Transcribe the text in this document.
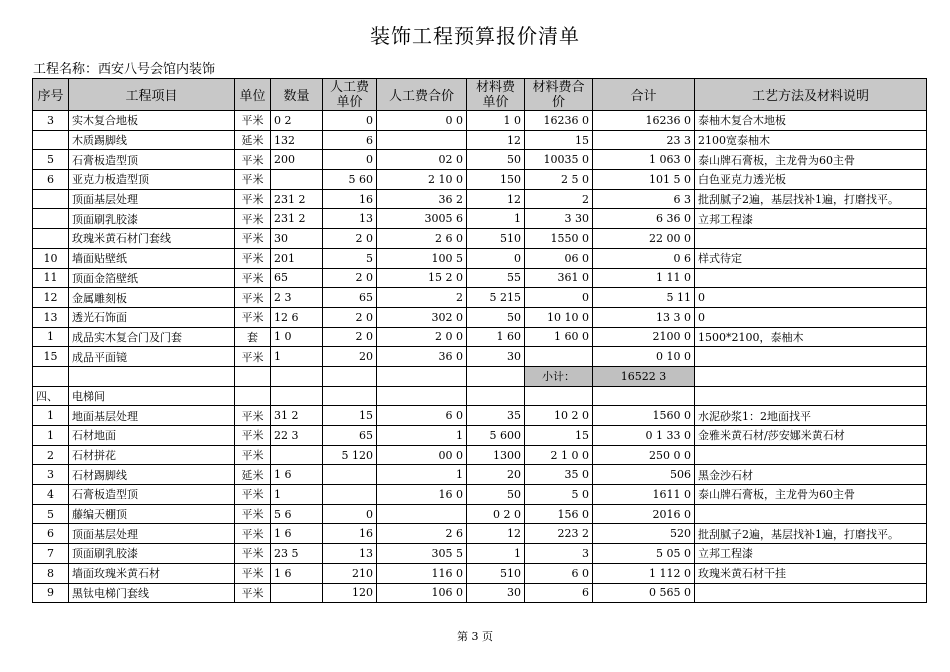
装饰工程预算报价清单
工程名称：西安八号会馆内装饰
序号	工程项目	单位	数量	人工费单价	人工费合价	材料费单价	材料费合价	合计	工艺方法及材料说明
3	实木复合地板	平米	0 2	0	0 0	1 0	16236 0	16236 0	泰柚木复合木地板
	木质踢脚线	延米	132	6		12	15	23 3	2100宽泰柚木
5	石膏板造型顶	平米	200	0	02 0	50	10035 0	1 063 0	泰山牌石膏板，主龙骨为60主骨
6	亚克力板造型顶	平米		5 60	2 10 0	150	2 5 0	101 5 0	白色亚克力透光板
	顶面基层处理	平米	231 2	16	36 2	12	2	6 3	批刮腻子2遍，基层找补1遍，打磨找平。
	顶面刷乳胶漆	平米	231 2	13	3005 6	1	3 30	6 36 0	立邦工程漆
	玫瑰米黄石材门套线	平米	30	2 0	2 6 0	510	1550 0	22 00 0	
10	墙面贴壁纸	平米	201	5	100 5	0	06 0	0 6	样式待定
11	顶面金箔壁纸	平米	65	2 0	15 2 0	55	361 0	1 11 0	
12	金属雕刻板	平米	2 3	65	2	5 215	0	5 11	0
13	透光石饰面	平米	12 6	2 0	302 0	50	10 10 0	13 3 0	0
1	成品实木复合门及门套	套	1 0	2 0	2 0 0	1 60	1 60 0	2100 0	1500*2100，泰柚木
15	成品平面镜	平米	1	20	36 0	30		0 10 0	
							小计：	16522 3	
四、	电梯间								
1	地面基层处理	平米	31 2	15	6 0	35	10 2 0	1560 0	水泥砂浆1：2地面找平
1	石材地面	平米	22 3	65	1	5 600	15	0 1 33 0	金雅米黄石材/莎安娜米黄石材
2	石材拼花	平米		5 120	00 0	1300	2 1 0 0	250 0 0	
3	石材踢脚线	延米	1 6		1	20	35 0	506	黑金沙石材
4	石膏板造型顶	平米	1		16 0	50	5 0	1611 0	泰山牌石膏板，主龙骨为60主骨
5	藤编天棚顶	平米	5 6	0		0 2 0	156 0	2016 0	
6	顶面基层处理	平米	1 6	16	2 6	12	223 2	520	批刮腻子2遍，基层找补1遍，打磨找平。
7	顶面刷乳胶漆	平米	23 5	13	305 5	1	3	5 05 0	立邦工程漆
8	墙面玫瑰米黄石材	平米	1 6	210	116 0	510	6 0	1 112 0	玫瑰米黄石材干挂
9	黑钛电梯门套线	平米		120	106 0	30	6	0 565 0	
第 3 页
